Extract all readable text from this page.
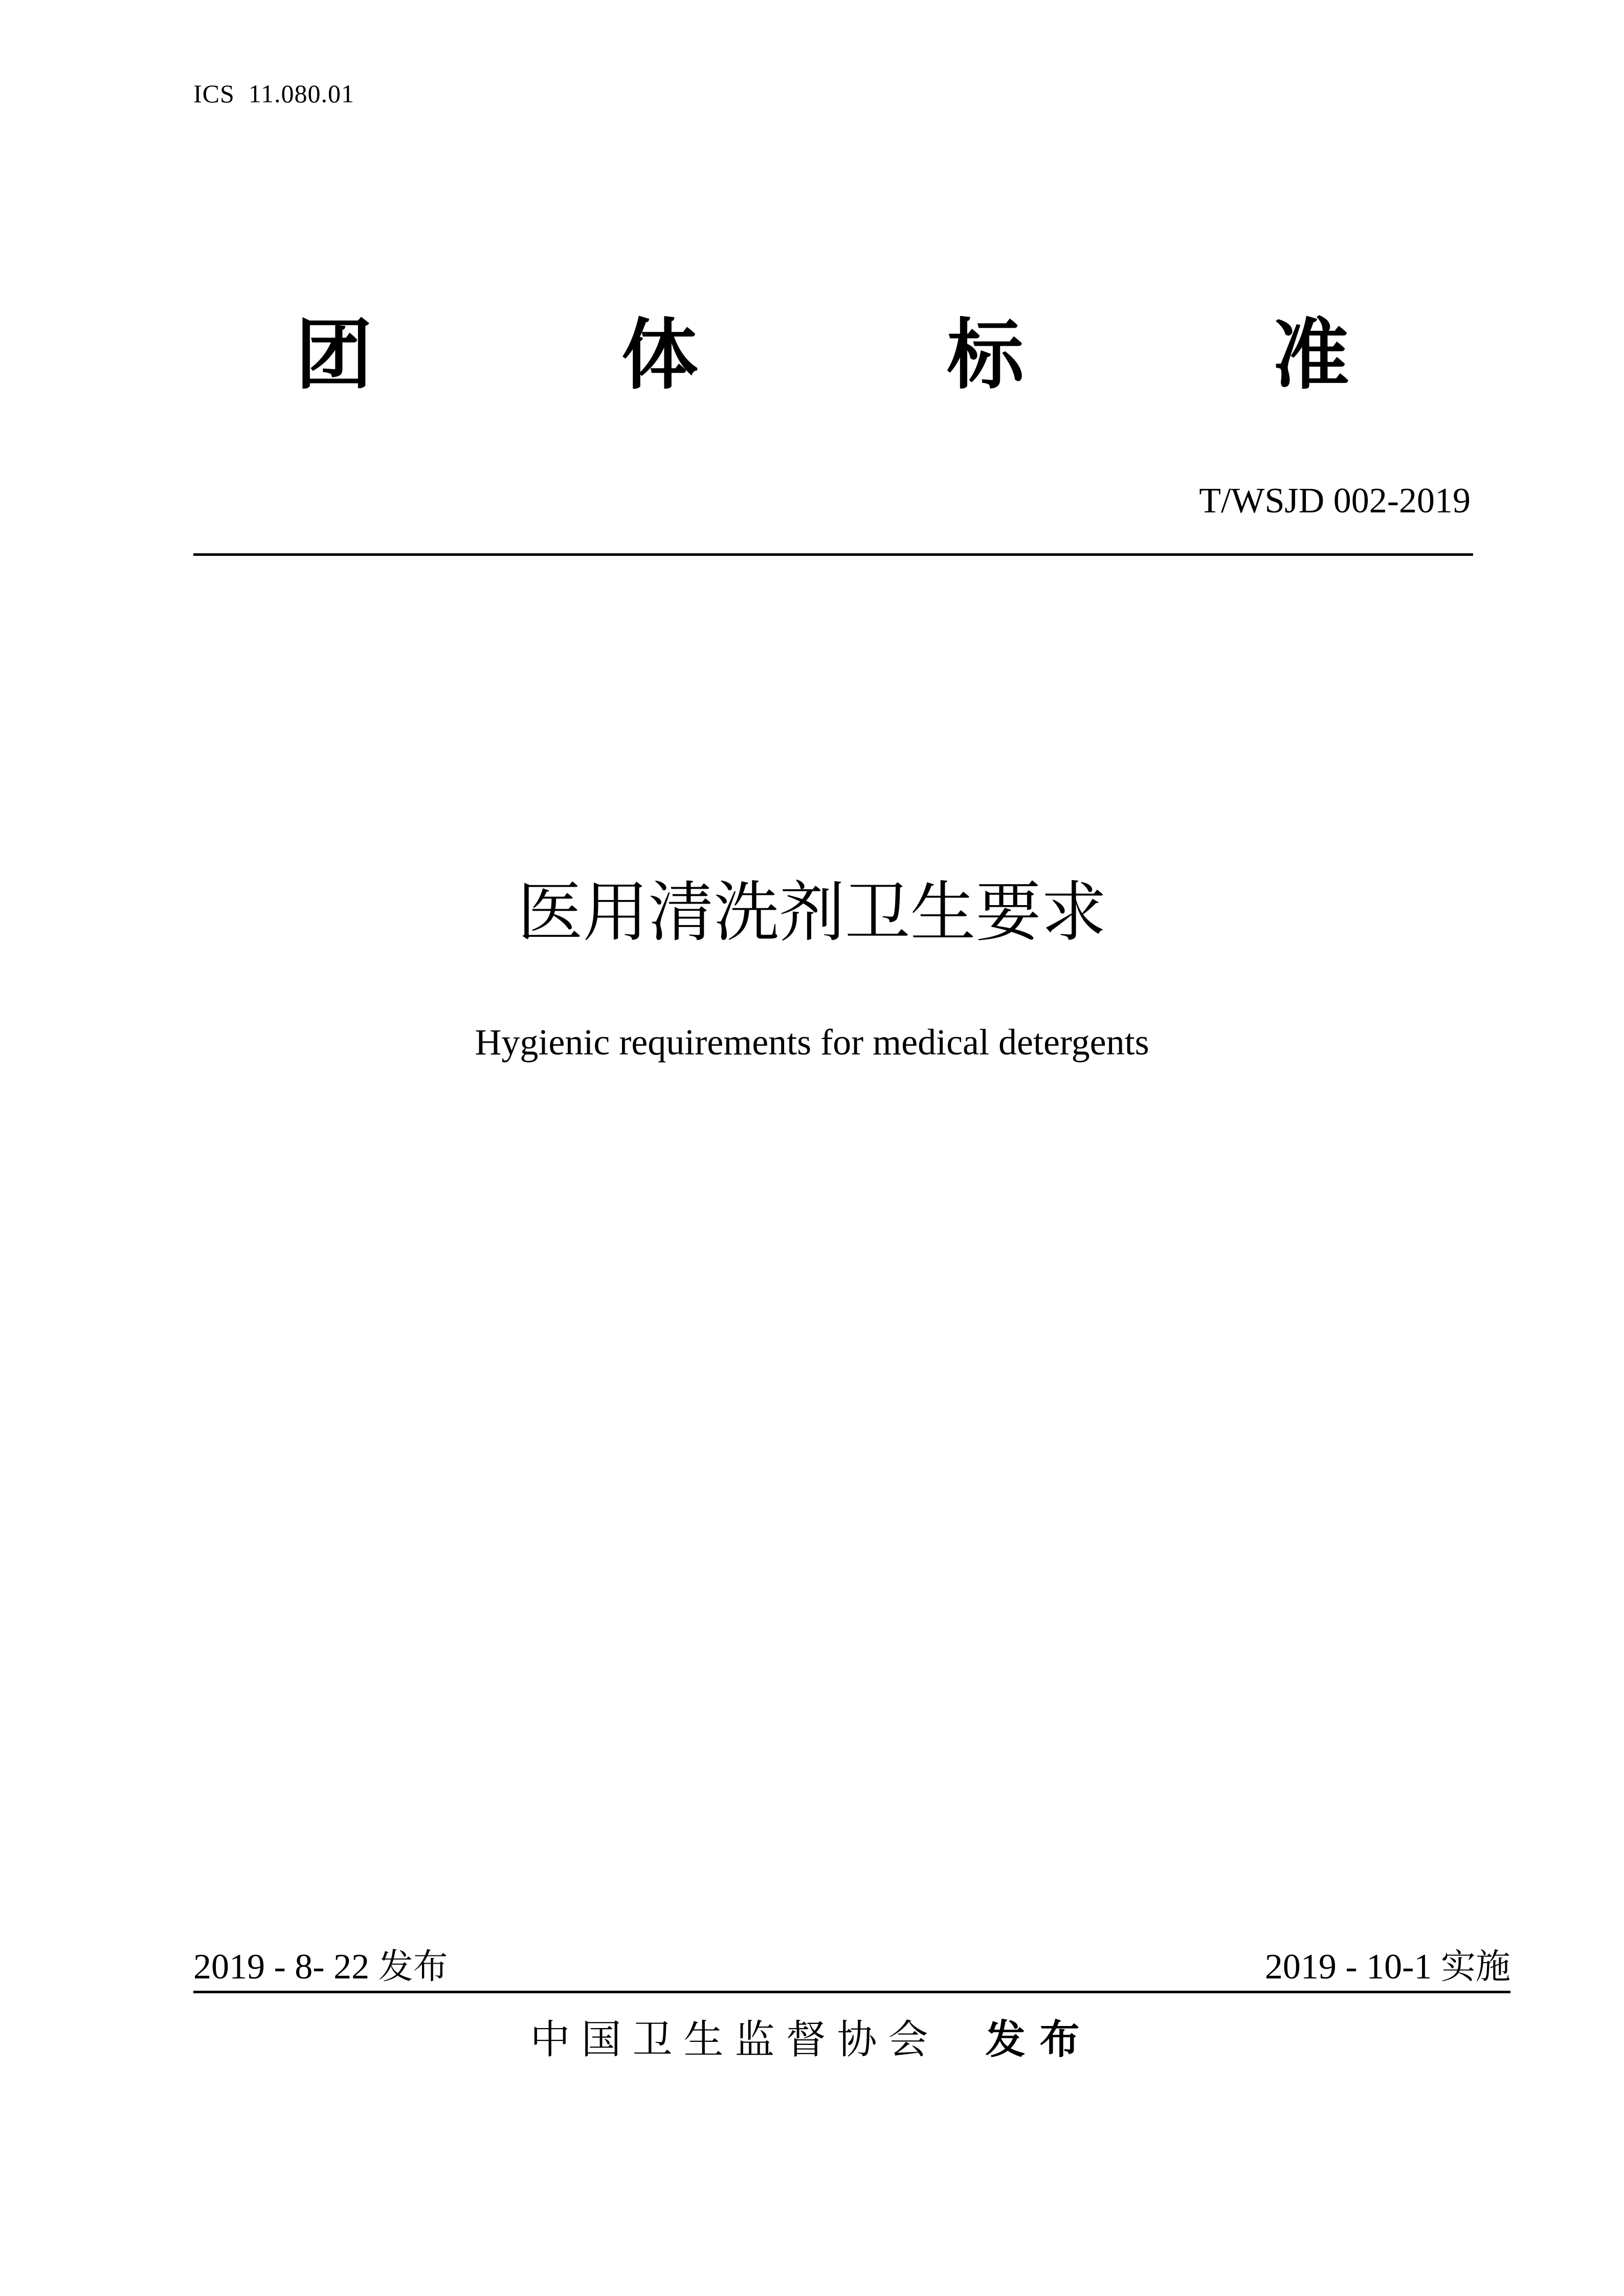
ICS  11.080.01
团	体	标	准
T/WSJD 002-2019
医用清洗剂卫生要求
Hygienic requirements for medical detergents
2019 - 8- 22 发布	2019 - 10-1 实施
中国卫生监督协会 发布
